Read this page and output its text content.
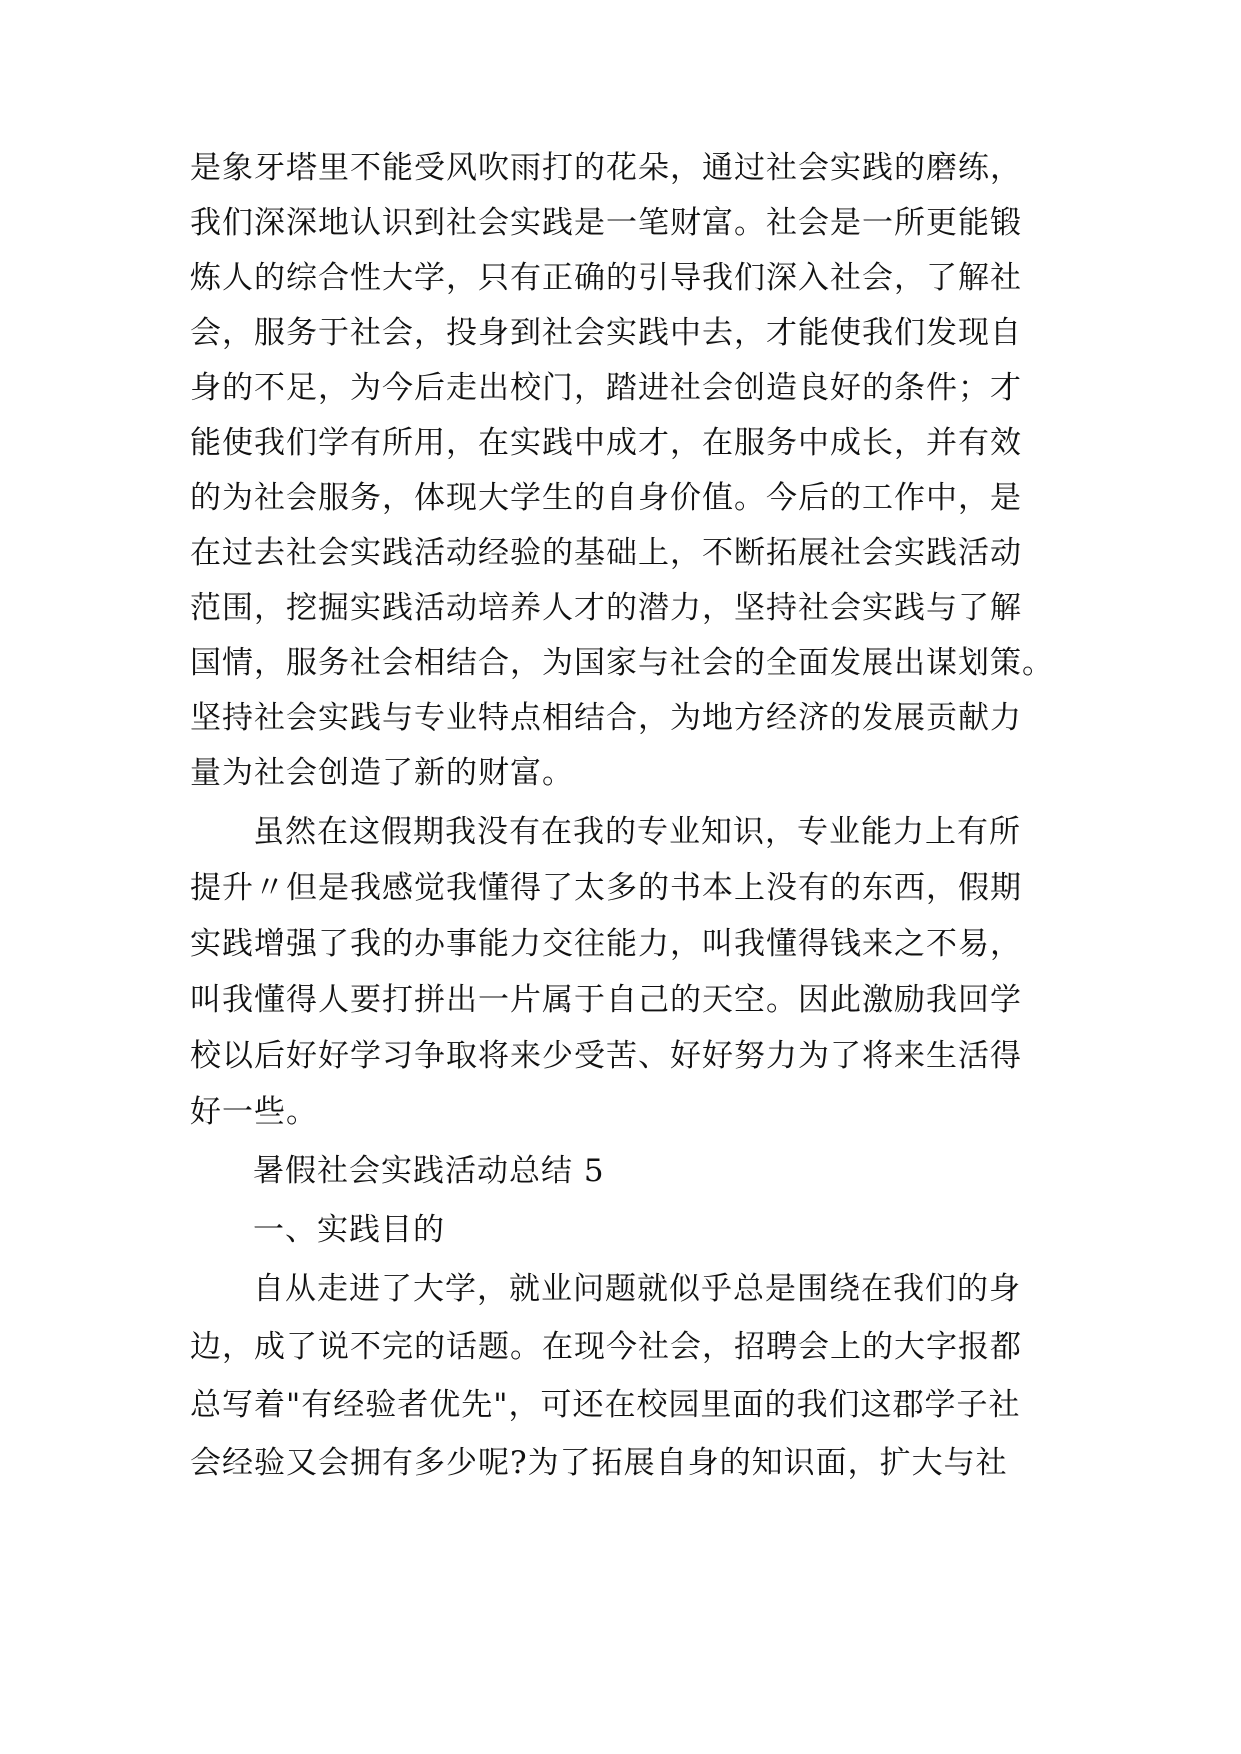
是象牙塔里不能受风吹雨打的花朵，通过社会实践的磨练，
我们深深地认识到社会实践是一笔财富。社会是一所更能锻
炼人的综合性大学，只有正确的引导我们深入社会，了解社
会，服务于社会，投身到社会实践中去，才能使我们发现自
身的不足，为今后走出校门，踏进社会创造良好的条件；才
能使我们学有所用，在实践中成才，在服务中成长，并有效
的为社会服务，体现大学生的自身价值。今后的工作中，是
在过去社会实践活动经验的基础上，不断拓展社会实践活动
范围，挖掘实践活动培养人才的潜力，坚持社会实践与了解
国情，服务社会相结合，为国家与社会的全面发展出谋划策。
坚持社会实践与专业特点相结合，为地方经济的发展贡献力
量为社会创造了新的财富。
虽然在这假期我没有在我的专业知识，专业能力上有所
提升〃但是我感觉我懂得了太多的书本上没有的东西，假期
实践增强了我的办事能力交往能力，叫我懂得钱来之不易，
叫我懂得人要打拼出一片属于自己的天空。因此激励我回学
校以后好好学习争取将来少受苦、好好努力为了将来生活得
好一些。
暑假社会实践活动总结 5
一、实践目的
自从走进了大学，就业问题就似乎总是围绕在我们的身
边，成了说不完的话题。在现今社会，招聘会上的大字报都
总写着"有经验者优先"，可还在校园里面的我们这郡学子社
会经验又会拥有多少呢?为了拓展自身的知识面，扩大与社
